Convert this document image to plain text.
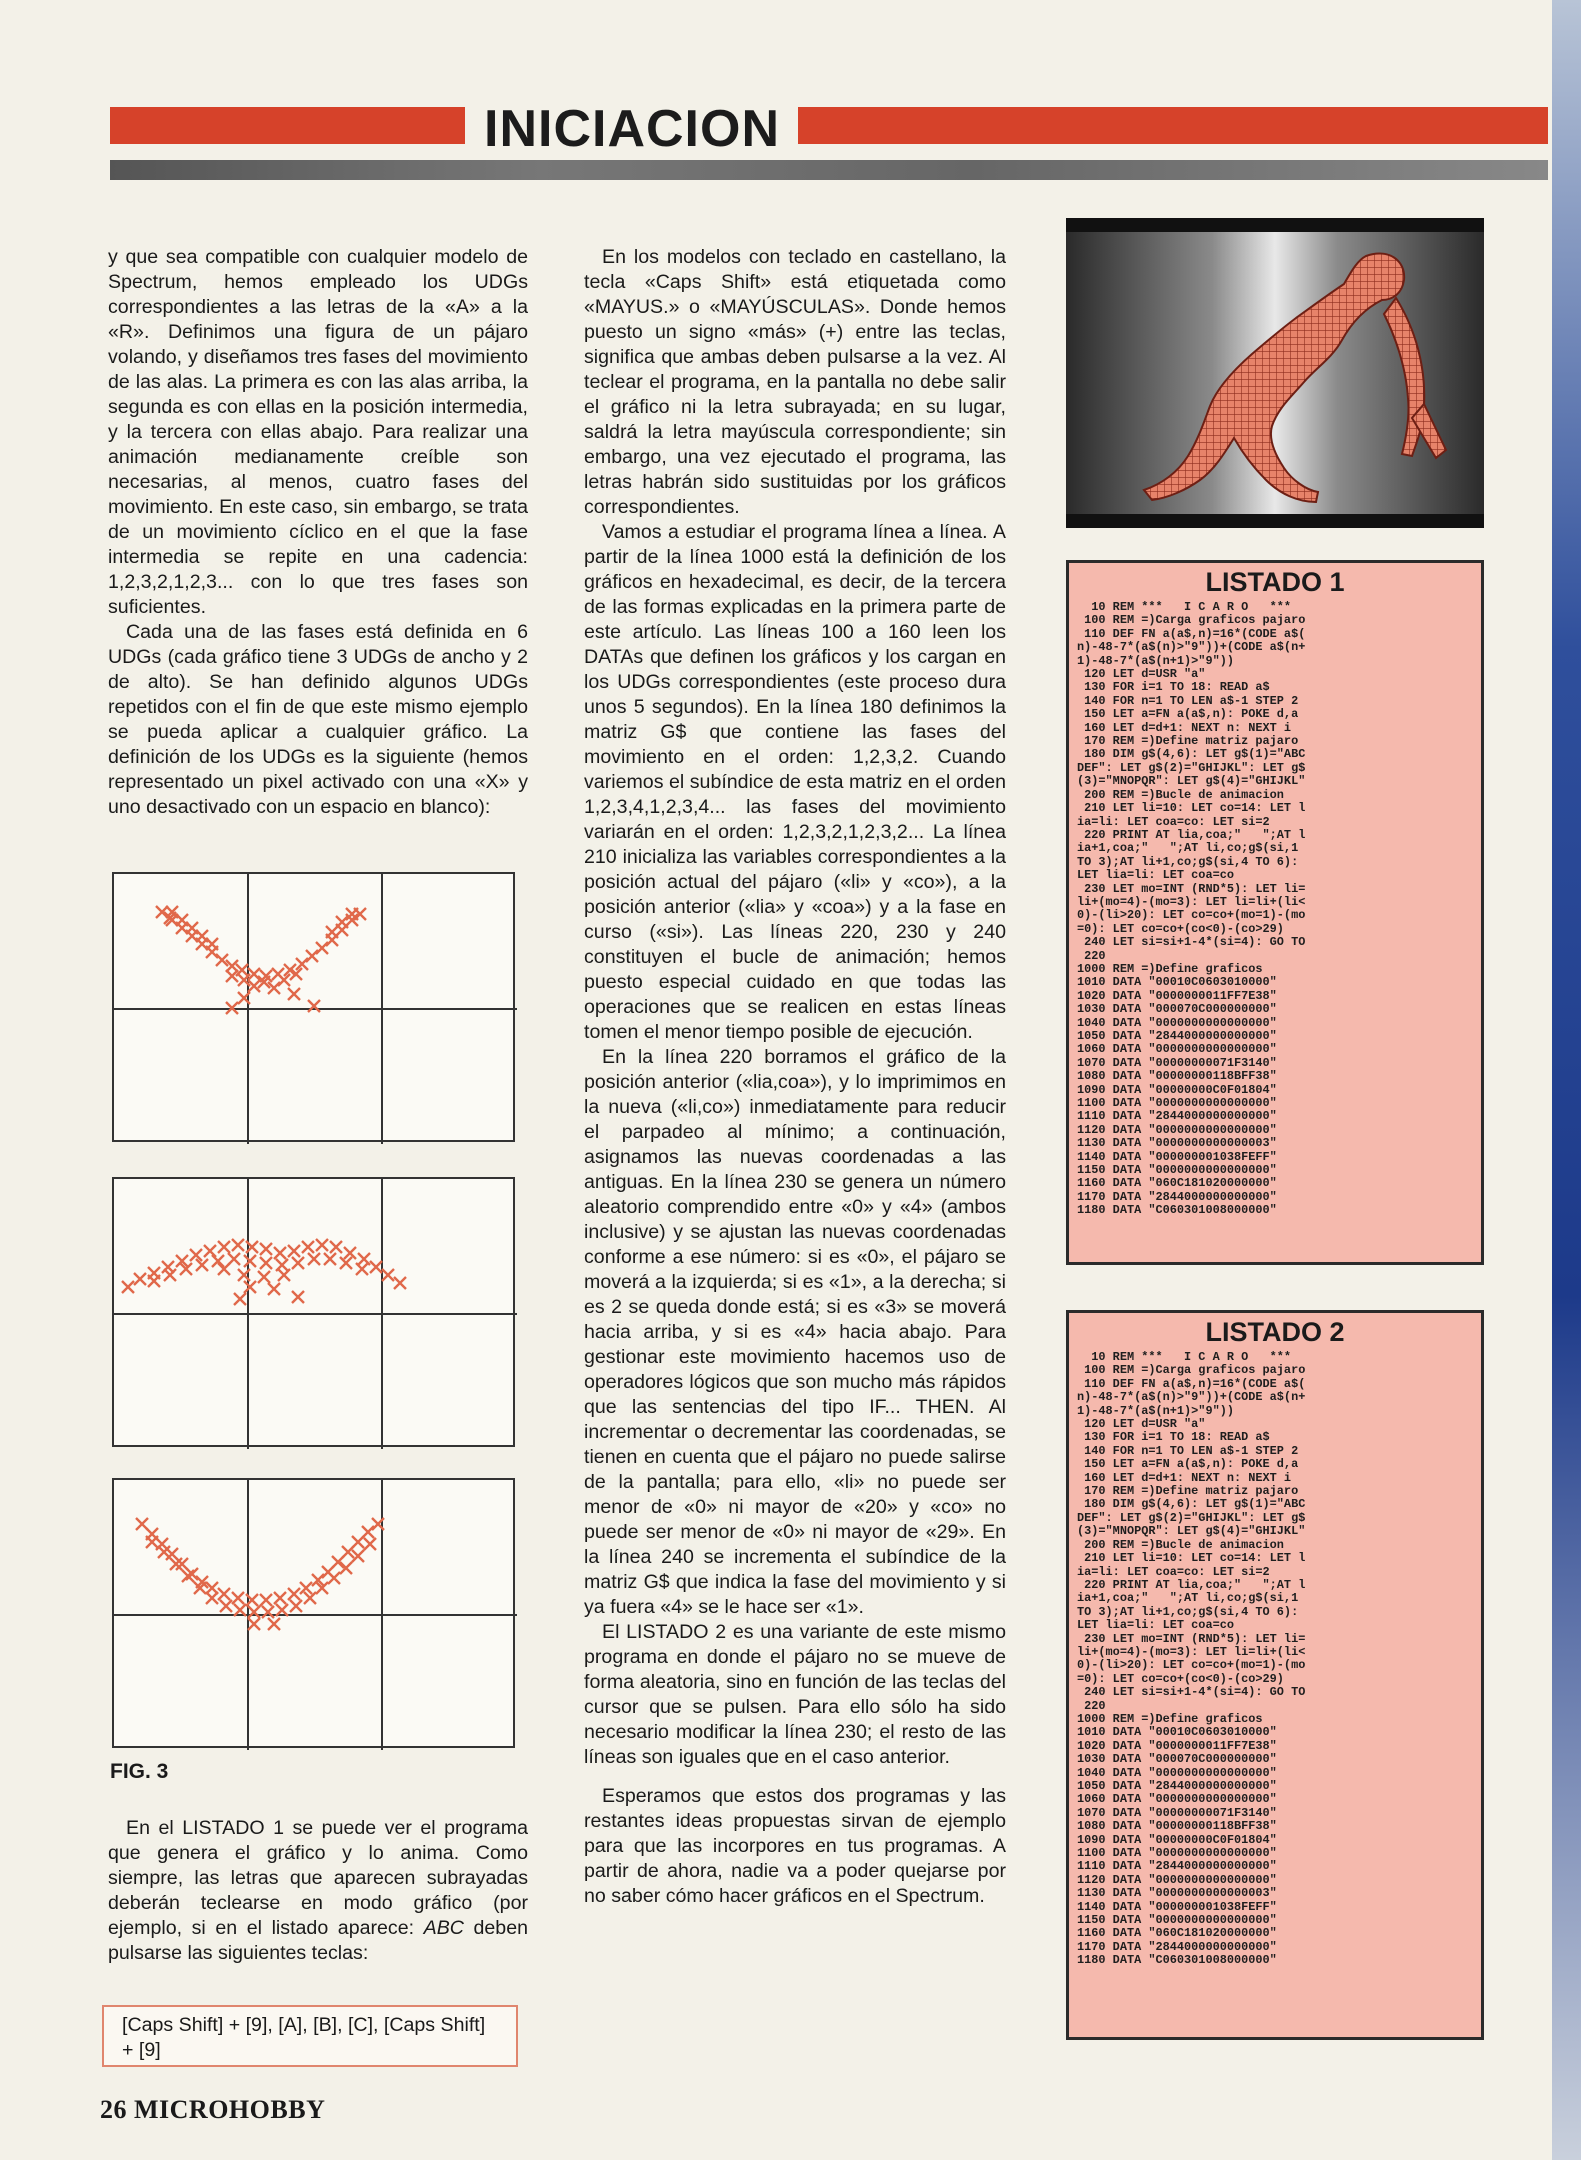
INICIACION

y que sea compatible con cualquier modelo de Spectrum, hemos empleado los UDGs correspondientes a las letras de la «A» a la «R». Definimos una figura de un pájaro volando, y diseñamos tres fases del movimiento de las alas. La primera es con las alas arriba, la segunda es con ellas en la posición intermedia, y la tercera con ellas abajo. Para realizar una animación medianamente creíble son necesarias, al menos, cuatro fases del movimiento. En este caso, sin embargo, se trata de un movimiento cíclico en el que la fase intermedia se repite en una cadencia: 1,2,3,2,1,2,3... con lo que tres fases son suficientes.

Cada una de las fases está definida en 6 UDGs (cada gráfico tiene 3 UDGs de ancho y 2 de alto). Se han definido algunos UDGs repetidos con el fin de que este mismo ejemplo se pueda aplicar a cualquier gráfico. La definición de los UDGs es la siguiente (hemos representado un pixel activado con una «X» y uno desactivado con un espacio en blanco):

FIG. 3
En el LISTADO 1 se puede ver el programa que genera el gráfico y lo anima. Como siempre, las letras que aparecen subrayadas deberán teclearse en modo gráfico (por ejemplo, si en el listado aparece: ABC deben pulsarse las siguientes teclas:
[Caps Shift] + [9], [A], [B], [C], [Caps Shift] + [9]
26 MICROHOBBY

En los modelos con teclado en castellano, la tecla «Caps Shift» está etiquetada como «MAYUS.» o «MAYÚSCULAS». Donde hemos puesto un signo «más» (+) entre las teclas, significa que ambas deben pulsarse a la vez. Al teclear el programa, en la pantalla no debe salir el gráfico ni la letra subrayada; en su lugar, saldrá la letra mayúscula correspondiente; sin embargo, una vez ejecutado el programa, las letras habrán sido sustituidas por los gráficos correspondientes.

Vamos a estudiar el programa línea a línea. A partir de la línea 1000 está la definición de los gráficos en hexadecimal, es decir, de la tercera de las formas explicadas en la primera parte de este artículo. Las líneas 100 a 160 leen los DATAs que definen los gráficos y los cargan en los UDGs correspondientes (este proceso dura unos 5 segundos). En la línea 180 definimos la matriz G$ que contiene las fases del movimiento en el orden: 1,2,3,2. Cuando variemos el subíndice de esta matriz en el orden 1,2,3,4,1,2,3,4... las fases del movimiento variarán en el orden: 1,2,3,2,1,2,3,2... La línea 210 inicializa las variables correspondientes a la posición actual del pájaro («li» y «co»), a la posición anterior («lia» y «coa») y a la fase en curso («si»). Las líneas 220, 230 y 240 constituyen el bucle de animación; hemos puesto especial cuidado en que todas las operaciones que se realicen en estas líneas tomen el menor tiempo posible de ejecución.

En la línea 220 borramos el gráfico de la posición anterior («lia,coa»), y lo imprimimos en la nueva («li,co») inmediatamente para reducir el parpadeo al mínimo; a continuación, asignamos las nuevas coordenadas a las antiguas. En la línea 230 se genera un número aleatorio comprendido entre «0» y «4» (ambos inclusive) y se ajustan las nuevas coordenadas conforme a ese número: si es «0», el pájaro se moverá a la izquierda; si es «1», a la derecha; si es 2 se queda donde está; si es «3» se moverá hacia arriba, y si es «4» hacia abajo. Para gestionar este movimiento hacemos uso de operadores lógicos que son mucho más rápidos que las sentencias del tipo IF... THEN. Al incrementar o decrementar las coordenadas, se tienen en cuenta que el pájaro no puede salirse de la pantalla; para ello, «li» no puede ser menor de «0» ni mayor de «20» y «co» no puede ser menor de «0» ni mayor de «29». En la línea 240 se incrementa el subíndice de la matriz G$ que indica la fase del movimiento y si ya fuera «4» se le hace ser «1».

El LISTADO 2 es una variante de este mismo programa en donde el pájaro no se mueve de forma aleatoria, sino en función de las teclas del cursor que se pulsen. Para ello sólo ha sido necesario modificar la línea 230; el resto de las líneas son iguales que en el caso anterior.

Esperamos que estos dos programas y las restantes ideas propuestas sirvan de ejemplo para que las incorpores en tus programas. A partir de ahora, nadie va a poder quejarse por no saber cómo hacer gráficos en el Spectrum.

LISTADO 1
10 REM ***   I C A R O   ***
100 REM =)Carga graficos pajaro
110 DEF FN a(a$,n)=16*(CODE a$(
n)-48-7*(a$(n)>"9"))+(CODE a$(n+
1)-48-7*(a$(n+1)>"9"))
120 LET d=USR "a"
130 FOR i=1 TO 18: READ a$
140 FOR n=1 TO LEN a$-1 STEP 2
150 LET a=FN a(a$,n): POKE d,a
160 LET d=d+1: NEXT n: NEXT i
170 REM =)Define matriz pajaro
180 DIM g$(4,6): LET g$(1)="ABC
DEF": LET g$(2)="GHIJKL": LET g$
(3)="MNOPQR": LET g$(4)="GHIJKL"
200 REM =)Bucle de animacion
210 LET li=10: LET co=14: LET l
ia=li: LET coa=co: LET si=2
220 PRINT AT lia,coa;"   ";AT l
ia+1,coa;"   ";AT li,co;g$(si,1
TO 3);AT li+1,co;g$(si,4 TO 6):
LET lia=li: LET coa=co
230 LET mo=INT (RND*5): LET li=
li+(mo=4)-(mo=3): LET li=li+(li<
0)-(li>20): LET co=co+(mo=1)-(mo
=0): LET co=co+(co<0)-(co>29)
240 LET si=si+1-4*(si=4): GO TO
220
1000 REM =)Define graficos
1010 DATA "00010C0603010000"
1020 DATA "0000000011FF7E38"
1030 DATA "000070C000000000"
1040 DATA "0000000000000000"
1050 DATA "2844000000000000"
1060 DATA "0000000000000000"
1070 DATA "00000000071F3140"
1080 DATA "00000000118BFF38"
1090 DATA "00000000C0F01804"
1100 DATA "0000000000000000"
1110 DATA "2844000000000000"
1120 DATA "0000000000000000"
1130 DATA "0000000000000003"
1140 DATA "000000001038FEFF"
1150 DATA "0000000000000000"
1160 DATA "060C181020000000"
1170 DATA "2844000000000000"
1180 DATA "C060301008000000"
LISTADO 2
10 REM ***   I C A R O   ***
100 REM =)Carga graficos pajaro
110 DEF FN a(a$,n)=16*(CODE a$(
n)-48-7*(a$(n)>"9"))+(CODE a$(n+
1)-48-7*(a$(n+1)>"9"))
120 LET d=USR "a"
130 FOR i=1 TO 18: READ a$
140 FOR n=1 TO LEN a$-1 STEP 2
150 LET a=FN a(a$,n): POKE d,a
160 LET d=d+1: NEXT n: NEXT i
170 REM =)Define matriz pajaro
180 DIM g$(4,6): LET g$(1)="ABC
DEF": LET g$(2)="GHIJKL": LET g$
(3)="MNOPQR": LET g$(4)="GHIJKL"
200 REM =)Bucle de animacion
210 LET li=10: LET co=14: LET l
ia=li: LET coa=co: LET si=2
220 PRINT AT lia,coa;"   ";AT l
ia+1,coa;"   ";AT li,co;g$(si,1
TO 3);AT li+1,co;g$(si,4 TO 6):
LET lia=li: LET coa=co
230 LET mo=INT (RND*5): LET li=
li+(mo=4)-(mo=3): LET li=li+(li<
0)-(li>20): LET co=co+(mo=1)-(mo
=0): LET co=co+(co<0)-(co>29)
240 LET si=si+1-4*(si=4): GO TO
220
1000 REM =)Define graficos
1010 DATA "00010C0603010000"
1020 DATA "0000000011FF7E38"
1030 DATA "000070C000000000"
1040 DATA "0000000000000000"
1050 DATA "2844000000000000"
1060 DATA "0000000000000000"
1070 DATA "00000000071F3140"
1080 DATA "00000000118BFF38"
1090 DATA "00000000C0F01804"
1100 DATA "0000000000000000"
1110 DATA "2844000000000000"
1120 DATA "0000000000000000"
1130 DATA "0000000000000003"
1140 DATA "000000001038FEFF"
1150 DATA "0000000000000000"
1160 DATA "060C181020000000"
1170 DATA "2844000000000000"
1180 DATA "C060301008000000"
